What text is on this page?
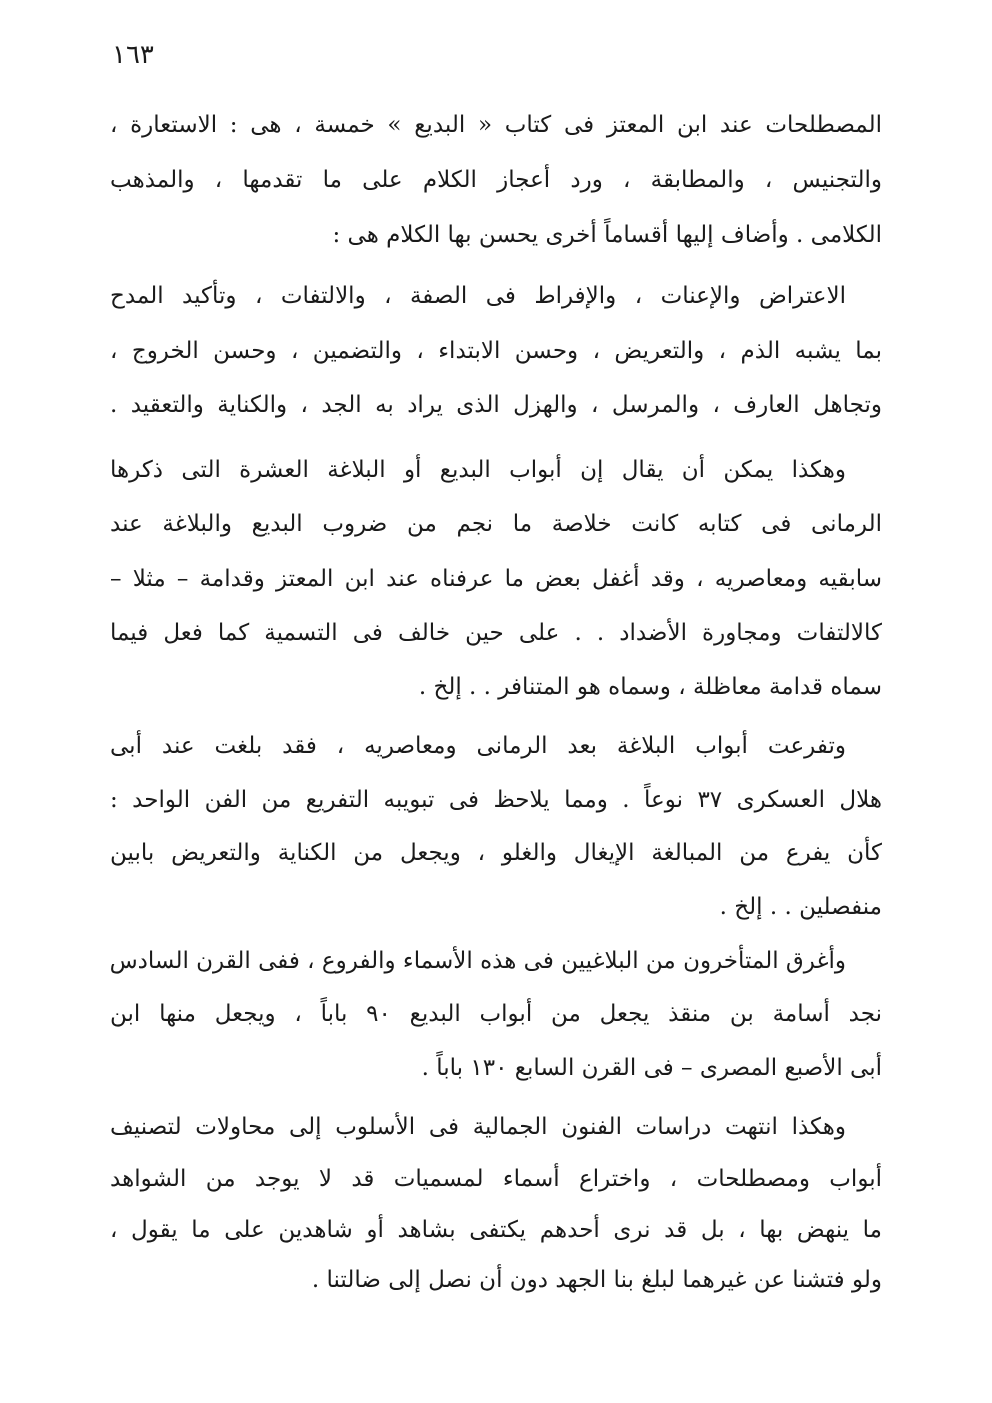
١٦٣
المصطلحات عند ابن المعتز فى كتاب « البديع » خمسة ، هى : الاستعارة ،
والتجنيس ، والمطابقة ، ورد أعجاز الكلام على ما تقدمها ، والمذهب
الكلامى . وأضاف إليها أقساماً أخرى يحسن بها الكلام هى :
الاعتراض والإعنات ، والإفراط فى الصفة ، والالتفات ، وتأكيد المدح
بما يشبه الذم ، والتعريض ، وحسن الابتداء ، والتضمين ، وحسن الخروج ،
وتجاهل العارف ، والمرسل ، والهزل الذى يراد به الجد ، والكناية والتعقيد .
وهكذا يمكن أن يقال إن أبواب البديع أو البلاغة العشرة التى ذكرها
الرمانى فى كتابه كانت خلاصة ما نجم من ضروب البديع والبلاغة عند
سابقيه ومعاصريه ، وقد أغفل بعض ما عرفناه عند ابن المعتز وقدامة – مثلا –
كالالتفات ومجاورة الأضداد . . على حين خالف فى التسمية كما فعل فيما
سماه قدامة معاظلة ، وسماه هو المتنافر . . إلخ .
وتفرعت أبواب البلاغة بعد الرمانى ومعاصريه ، فقد بلغت عند أبى
هلال العسكرى ٣٧ نوعاً . ومما يلاحظ فى تبويبه التفريع من الفن الواحد :
كأن يفرع من المبالغة الإيغال والغلو ، ويجعل من الكناية والتعريض بابين
منفصلين . . إلخ .
وأغرق المتأخرون من البلاغيين فى هذه الأسماء والفروع ، ففى القرن السادس
نجد أسامة بن منقذ يجعل من أبواب البديع ٩٠ باباً ، ويجعل منها ابن
أبى الأصبع المصرى – فى القرن السابع ١٣٠ باباً .
وهكذا انتهت دراسات الفنون الجمالية فى الأسلوب إلى محاولات لتصنيف
أبواب ومصطلحات ، واختراع أسماء لمسميات قد لا يوجد من الشواهد
ما ينهض بها ، بل قد نرى أحدهم يكتفى بشاهد أو شاهدين على ما يقول ،
ولو فتشنا عن غيرهما لبلغ بنا الجهد دون أن نصل إلى ضالتنا .
